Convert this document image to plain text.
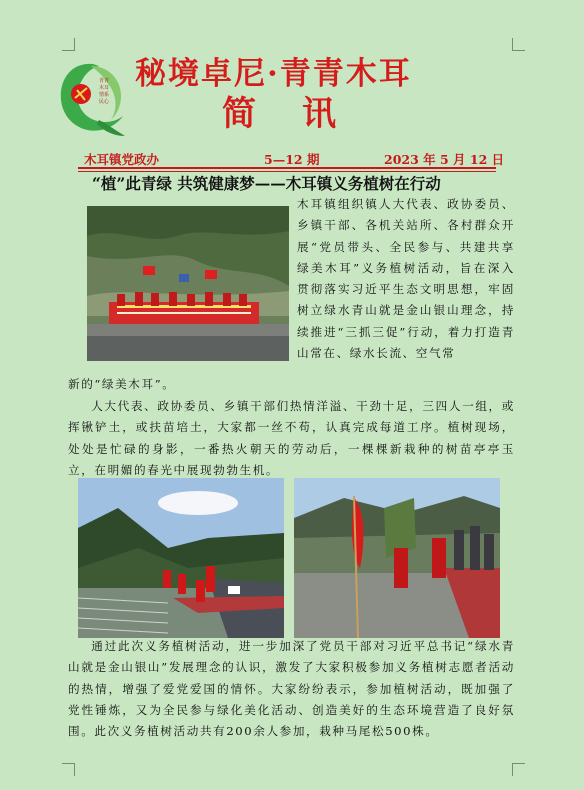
青青
木耳
情系
民心
秘境卓尼·青青木耳
简讯
木耳镇党政办	5—12 期	2023 年 5 月 12 日
“植”此青绿 共筑健康梦——木耳镇义务植树在行动
木耳镇组织镇人大代表、政协委员、乡镇干部、各机关站所、各村群众开展“党员带头、全民参与、共建共享绿美木耳”义务植树活动，旨在深入贯彻落实习近平生态文明思想，牢固树立绿水青山就是金山银山理念，持续推进“三抓三促”行动，着力打造青山常在、绿水长流、空气常
新的“绿美木耳”。
人大代表、政协委员、乡镇干部们热情洋溢、干劲十足，三四人一组，或挥锹铲土，或扶苗培土，大家都一丝不苟，认真完成每道工序。植树现场，处处是忙碌的身影，一番热火朝天的劳动后，一棵棵新栽种的树苗亭亭玉立，在明媚的春光中展现勃勃生机。
通过此次义务植树活动，进一步加深了党员干部对习近平总书记“绿水青山就是金山银山”发展理念的认识，激发了大家积极参加义务植树志愿者活动的热情，增强了爱党爱国的情怀。大家纷纷表示，参加植树活动，既加强了党性锤炼，又为全民参与绿化美化活动、创造美好的生态环境营造了良好氛围。此次义务植树活动共有200余人参加，栽种马尾松500株。
